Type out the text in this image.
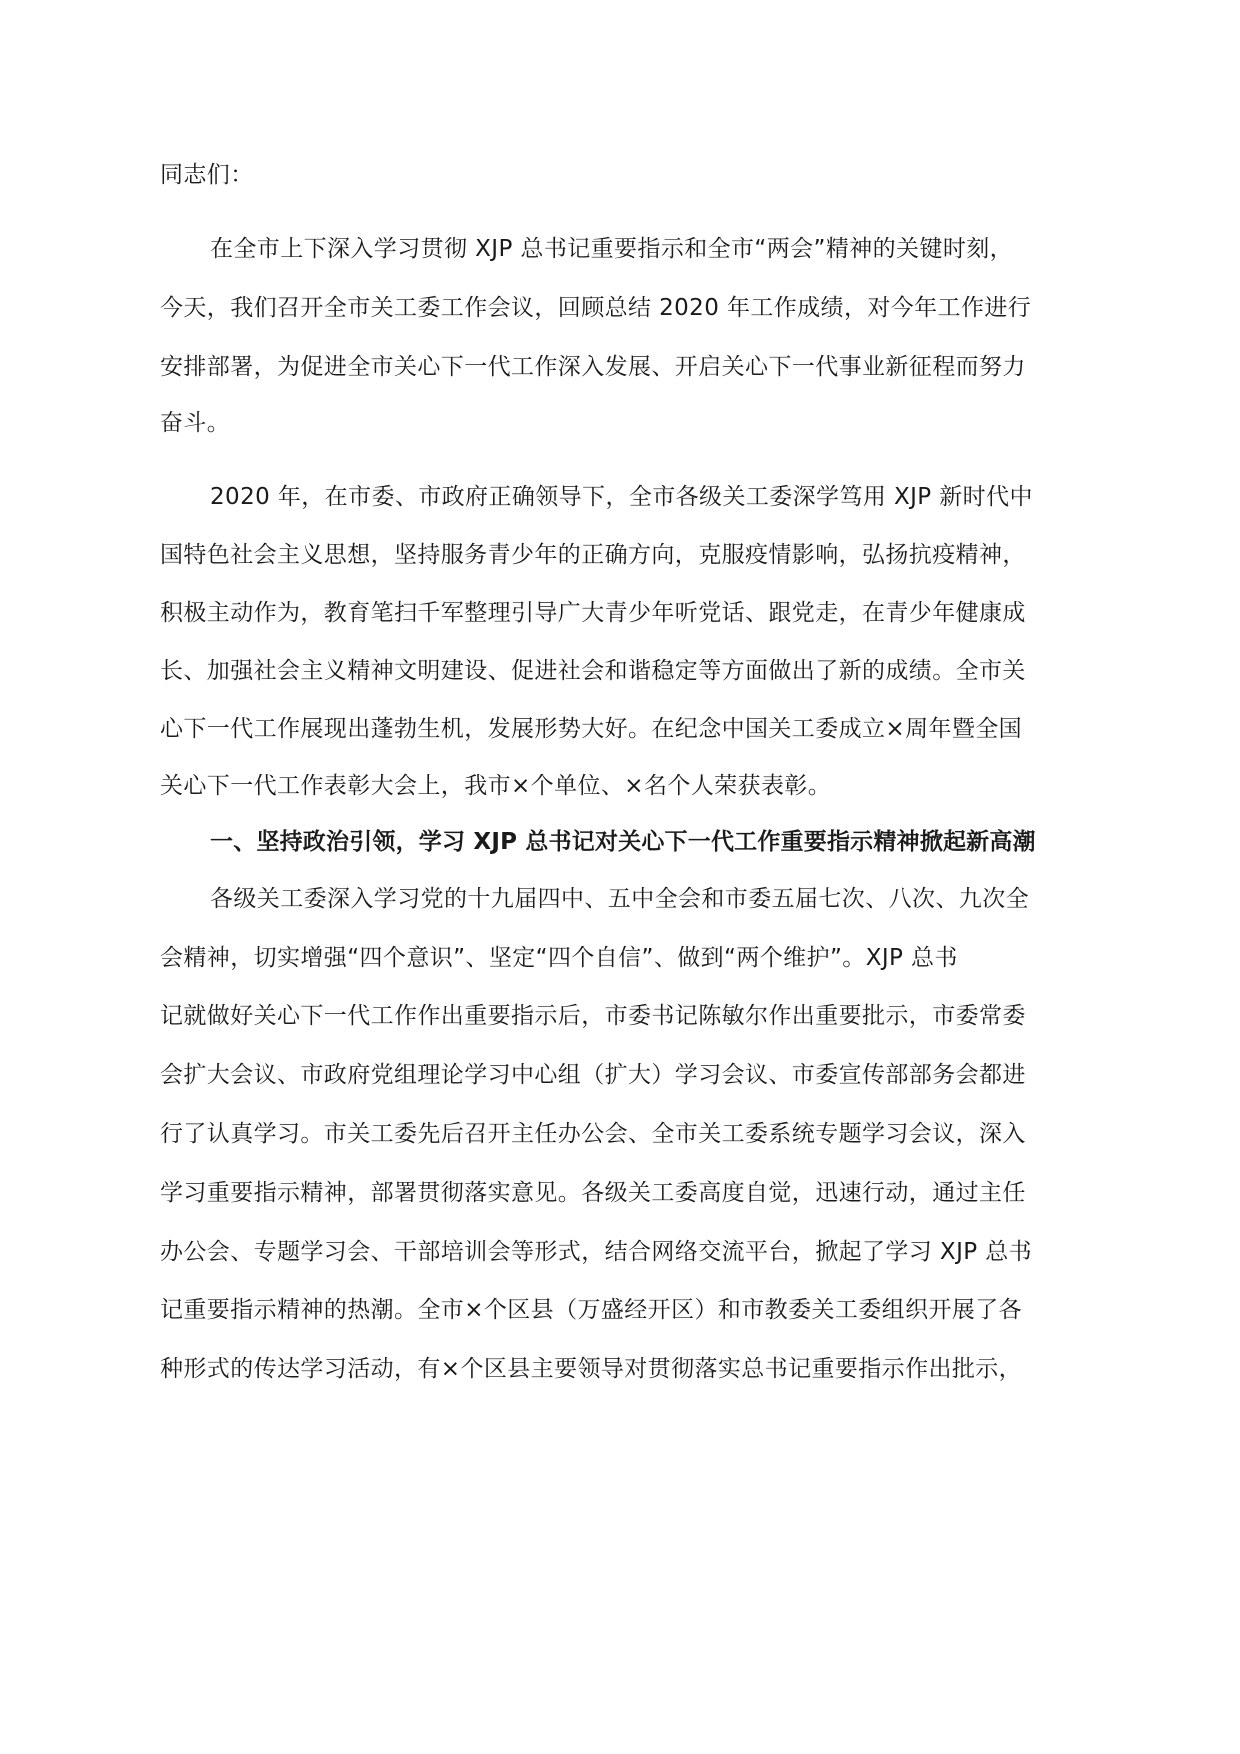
同志们：
在全市上下深入学习贯彻 XJP 总书记重要指示和全市“两会”精神的关键时刻，
今天，我们召开全市关工委工作会议，回顾总结 2020 年工作成绩，对今年工作进行
安排部署，为促进全市关心下一代工作深入发展、开启关心下一代事业新征程而努力
奋斗。
2020 年，在市委、市政府正确领导下，全市各级关工委深学笃用 XJP 新时代中
国特色社会主义思想，坚持服务青少年的正确方向，克服疫情影响，弘扬抗疫精神，
积极主动作为，教育笔扫千军整理引导广大青少年听党话、跟党走，在青少年健康成
长、加强社会主义精神文明建设、促进社会和谐稳定等方面做出了新的成绩。全市关
心下一代工作展现出蓬勃生机，发展形势大好。在纪念中国关工委成立×周年暨全国
关心下一代工作表彰大会上，我市×个单位、×名个人荣获表彰。
一、坚持政治引领，学习 XJP 总书记对关心下一代工作重要指示精神掀起新高潮
各级关工委深入学习党的十九届四中、五中全会和市委五届七次、八次、九次全
会精神，切实增强“四个意识”、坚定“四个自信”、做到“两个维护”。XJP 总书
记就做好关心下一代工作作出重要指示后，市委书记陈敏尔作出重要批示，市委常委
会扩大会议、市政府党组理论学习中心组（扩大）学习会议、市委宣传部部务会都进
行了认真学习。市关工委先后召开主任办公会、全市关工委系统专题学习会议，深入
学习重要指示精神，部署贯彻落实意见。各级关工委高度自觉，迅速行动，通过主任
办公会、专题学习会、干部培训会等形式，结合网络交流平台，掀起了学习 XJP 总书
记重要指示精神的热潮。全市×个区县（万盛经开区）和市教委关工委组织开展了各
种形式的传达学习活动，有×个区县主要领导对贯彻落实总书记重要指示作出批示，
